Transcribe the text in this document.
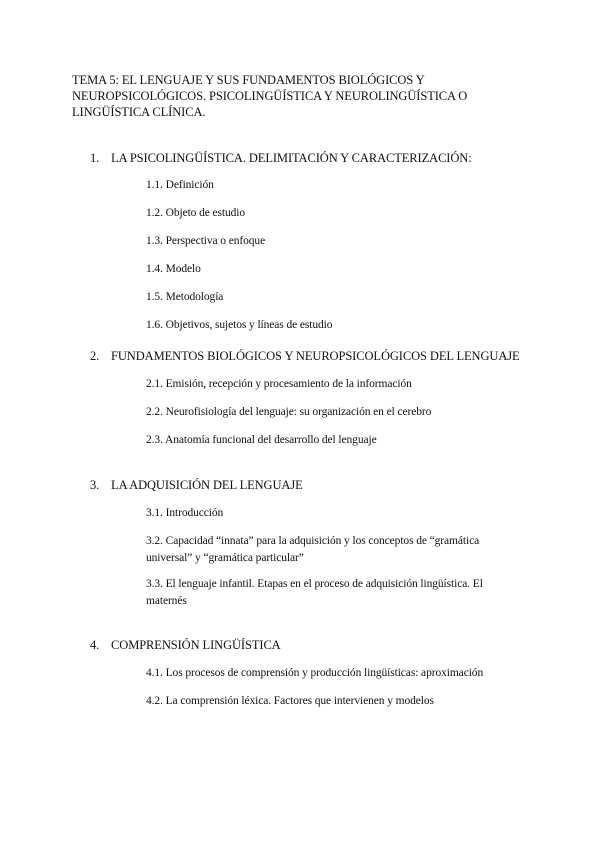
TEMA 5: EL LENGUAJE Y SUS FUNDAMENTOS BIOLÓGICOS Y NEUROPSICOLÓGICOS. PSICOLINGÜÍSTICA Y NEUROLINGÜÍSTICA O LINGÜÍSTICA CLÍNICA.
1. LA PSICOLINGÜÍSTICA. DELIMITACIÓN Y CARACTERIZACIÓN:
1.1. Definición
1.2. Objeto de estudio
1.3. Perspectiva o enfoque
1.4. Modelo
1.5. Metodología
1.6. Objetivos, sujetos y líneas de estudio
2. FUNDAMENTOS BIOLÓGICOS Y NEUROPSICOLÓGICOS DEL LENGUAJE
2.1. Emisión, recepción y procesamiento de la información
2.2. Neurofisiología del lenguaje: su organización en el cerebro
2.3. Anatomía funcional del desarrollo del lenguaje
3. LA ADQUISICIÓN DEL LENGUAJE
3.1. Introducción
3.2. Capacidad “innata” para la adquisición y los conceptos de “gramática universal” y “gramática particular”
3.3. El lenguaje infantil. Etapas en el proceso de adquisición lingüística. El maternés
4. COMPRENSIÓN LINGÜÍSTICA
4.1. Los procesos de comprensión y producción lingüísticas: aproximación
4.2. La comprensión léxica. Factores que intervienen y modelos
